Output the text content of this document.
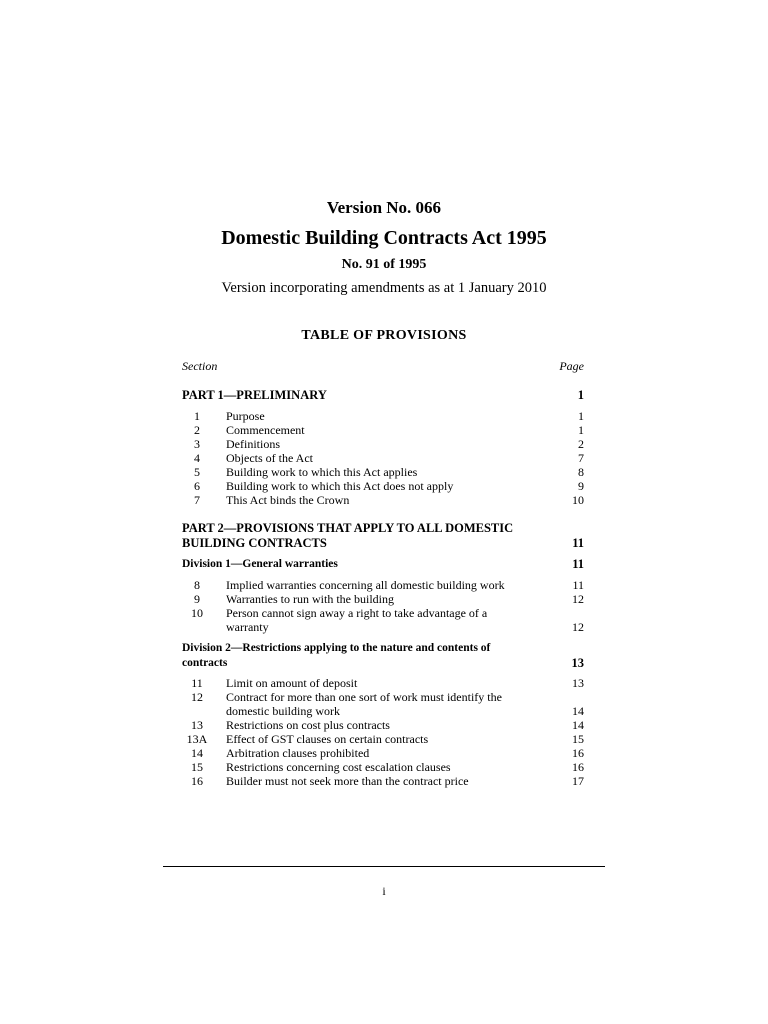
Version No. 066
Domestic Building Contracts Act 1995
No. 91 of 1995
Version incorporating amendments as at 1 January 2010
TABLE OF PROVISIONS
Section	Page
PART 1—PRELIMINARY	1
1	Purpose	1
2	Commencement	1
3	Definitions	2
4	Objects of the Act	7
5	Building work to which this Act applies	8
6	Building work to which this Act does not apply	9
7	This Act binds the Crown	10
PART 2—PROVISIONS THAT APPLY TO ALL DOMESTIC
BUILDING CONTRACTS	11
Division 1—General warranties	11
8	Implied warranties concerning all domestic building work	11
9	Warranties to run with the building	12
10	Person cannot sign away a right to take advantage of a
warranty	12
Division 2—Restrictions applying to the nature and contents of
contracts	13
11	Limit on amount of deposit	13
12	Contract for more than one sort of work must identify the
domestic building work	14
13	Restrictions on cost plus contracts	14
13A	Effect of GST clauses on certain contracts	15
14	Arbitration clauses prohibited	16
15	Restrictions concerning cost escalation clauses	16
16	Builder must not seek more than the contract price	17
i
